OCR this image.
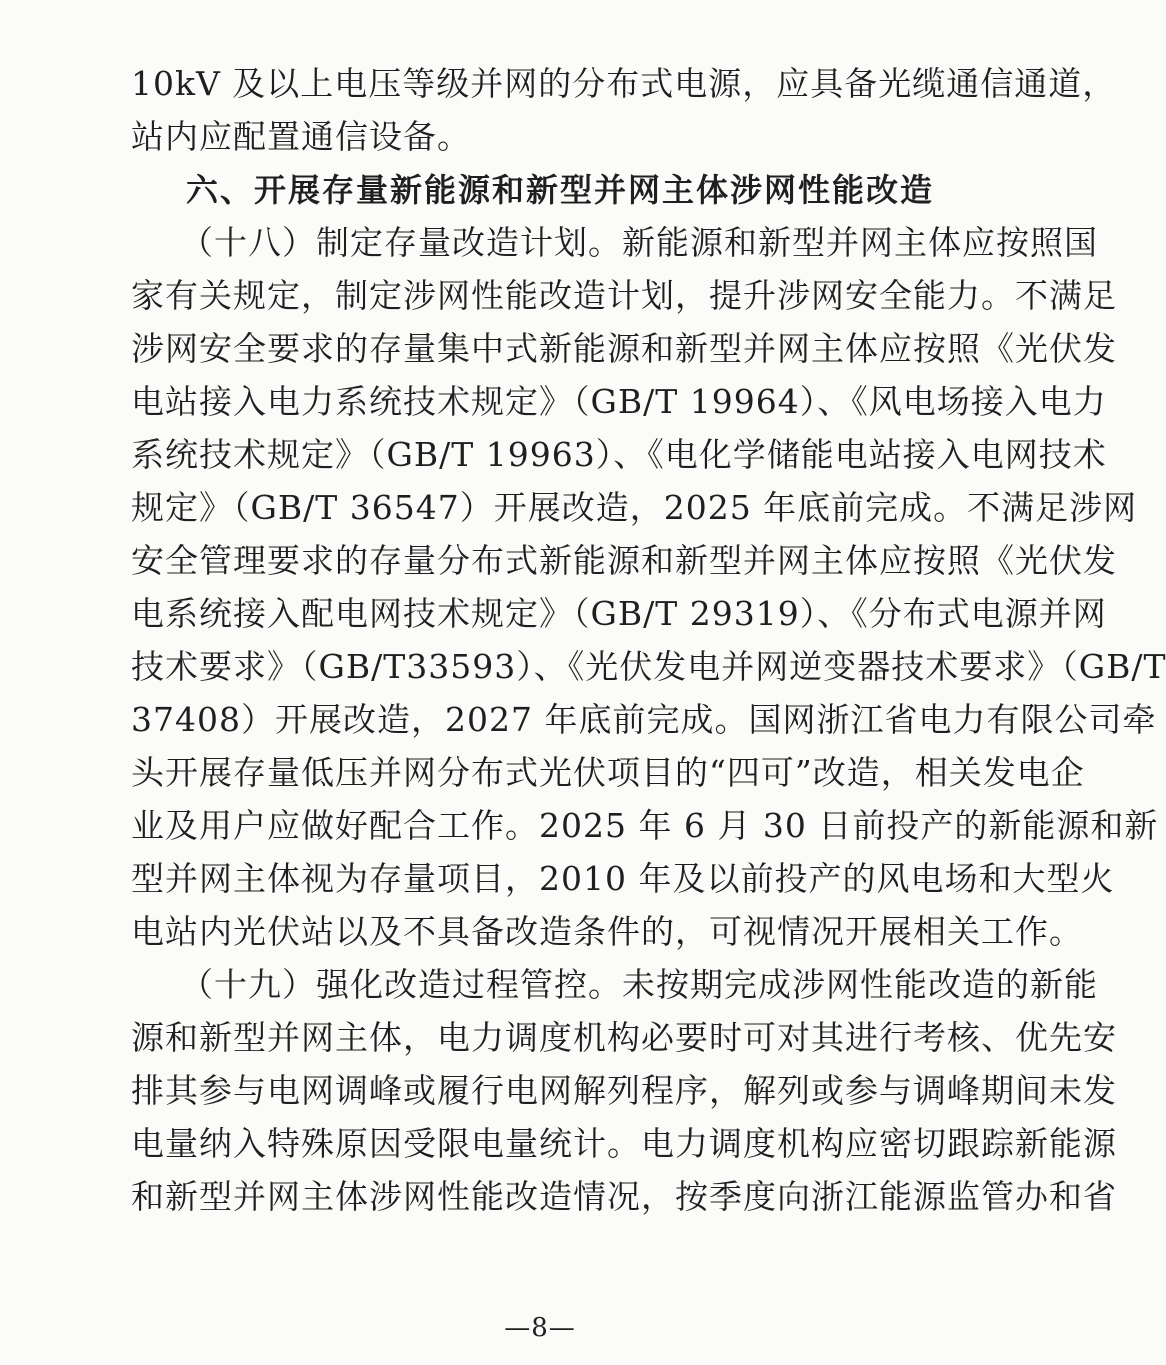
10kV 及以上电压等级并网的分布式电源，应具备光缆通信通道，
站内应配置通信设备。
六、开展存量新能源和新型并网主体涉网性能改造
（十八）制定存量改造计划。新能源和新型并网主体应按照国
家有关规定，制定涉网性能改造计划，提升涉网安全能力。不满足
涉网安全要求的存量集中式新能源和新型并网主体应按照《光伏发
电站接入电力系统技术规定》（GB/T 19964）、《风电场接入电力
系统技术规定》（GB/T 19963）、《电化学储能电站接入电网技术
规定》（GB/T 36547）开展改造，2025 年底前完成。不满足涉网
安全管理要求的存量分布式新能源和新型并网主体应按照《光伏发
电系统接入配电网技术规定》（GB/T 29319）、《分布式电源并网
技术要求》（GB/T33593）、《光伏发电并网逆变器技术要求》（GB/T
37408）开展改造，2027 年底前完成。国网浙江省电力有限公司牵
头开展存量低压并网分布式光伏项目的“四可”改造，相关发电企
业及用户应做好配合工作。2025 年 6 月 30 日前投产的新能源和新
型并网主体视为存量项目，2010 年及以前投产的风电场和大型火
电站内光伏站以及不具备改造条件的，可视情况开展相关工作。
（十九）强化改造过程管控。未按期完成涉网性能改造的新能
源和新型并网主体，电力调度机构必要时可对其进行考核、优先安
排其参与电网调峰或履行电网解列程序，解列或参与调峰期间未发
电量纳入特殊原因受限电量统计。电力调度机构应密切跟踪新能源
和新型并网主体涉网性能改造情况，按季度向浙江能源监管办和省
—8—
